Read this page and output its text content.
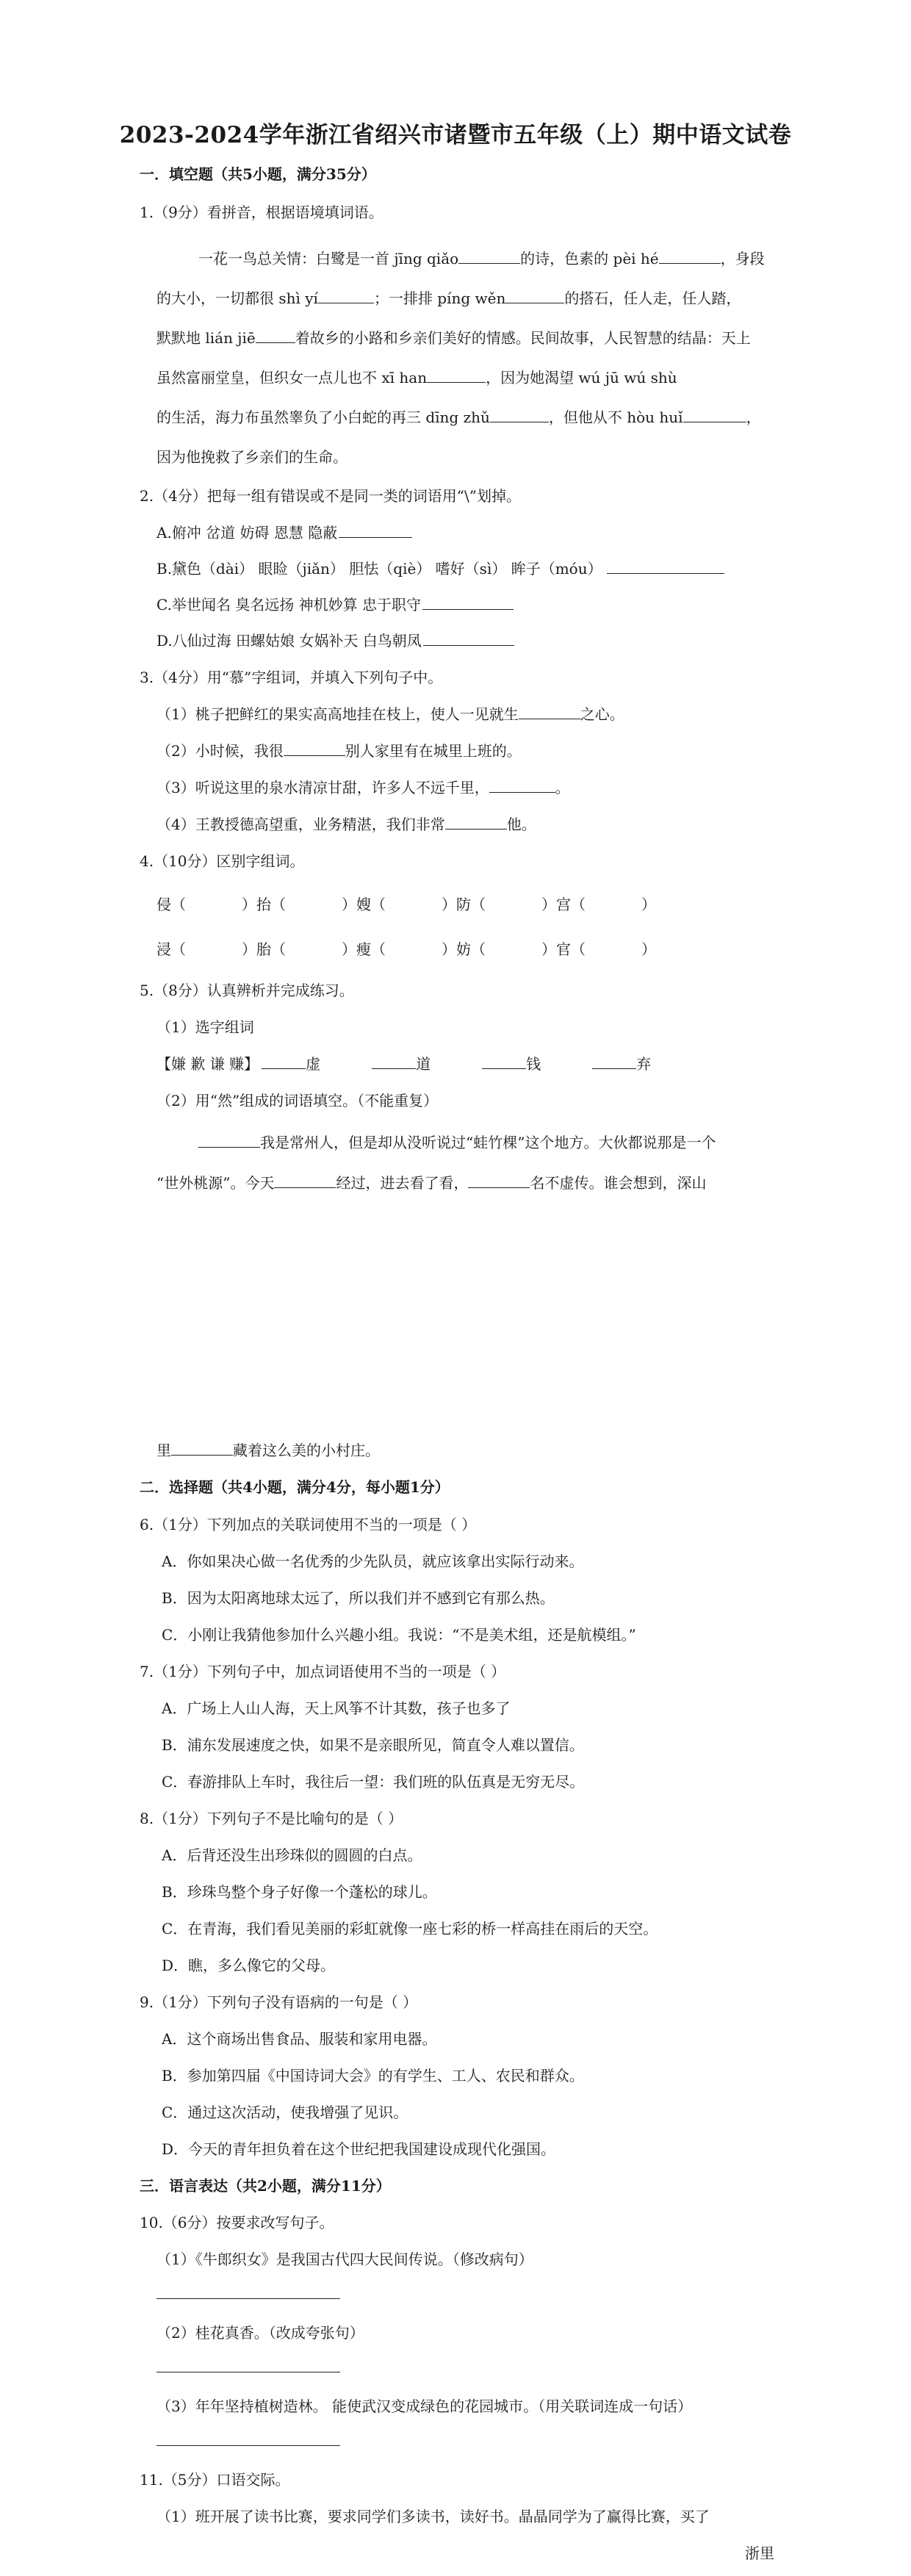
2023-2024学年浙江省绍兴市诸暨市五年级（上）期中语文试卷
一．填空题（共5小题，满分35分）
1.（9分）看拼音，根据语境填词语。
一花一鸟总关情：白鹭是一首 jīng qiǎo	的诗，色素的 pèi hé	，身段
的大小，一切都很 shì yí	；一排排 píng wěn	的搭石，任人走，任人踏，
默默地 lián jiē	着故乡的小路和乡亲们美好的情感。民间故事，人民智慧的结晶：天上
虽然富丽堂皇，但织女一点儿也不 xī han	，因为她渴望 wú jū wú shù
的生活，海力布虽然睾负了小白蛇的再三 dīng zhǔ	，但他从不 hòu huǐ	，
因为他挽救了乡亲们的生命。
2.（4分）把每一组有错误或不是同一类的词语用“\”划掉。
A.俯冲 岔道 妨碍 恩慧 隐蔽
B.黛色（dài） 眼睑（jiǎn） 胆怯（qiè） 嗜好（sì） 眸子（móu）
C.举世闻名 臭名远扬 神机妙算 忠于职守
D.八仙过海 田螺姑娘 女娲补天 白鸟朝凤
3.（4分）用“慕”字组词，并填入下列句子中。
（1）桃子把鲜红的果实高高地挂在枝上，使人一见就生	之心。
（2）小时候，我很	别人家里有在城里上班的。
（3）听说这里的泉水清凉甘甜，许多人不远千里，	。
（4）王教授德高望重，业务精湛，我们非常	他。
4.（10分）区别字组词。
侵（	）抬（	）嫂（	）防（	）宫（	）
浸（	）胎（	）瘦（	）妨（	）官（	）
5.（8分）认真辨析并完成练习。
（1）选字组词
【嫌 歉 谦 赚】	虚	道	钱	弃
（2）用“然”组成的词语填空。（不能重复）
我是常州人，但是却从没听说过“蛙竹棵”这个地方。大伙都说那是一个
“世外桃源”。今天	经过，进去看了看，	名不虚传。谁会想到，深山
里	藏着这么美的小村庄。
二．选择题（共4小题，满分4分，每小题1分）
6.（1分）下列加点的关联词使用不当的一项是（ ）
A．你如果决心做一名优秀的少先队员，就应该拿出实际行动来。
B．因为太阳离地球太远了，所以我们并不感到它有那么热。
C．小刚让我猜他参加什么兴趣小组。我说：“不是美术组，还是航模组。”
7.（1分）下列句子中，加点词语使用不当的一项是（ ）
A．广场上人山人海，天上风筝不计其数，孩子也多了
B．浦东发展速度之快，如果不是亲眼所见，简直令人难以置信。
C．春游排队上车时，我往后一望：我们班的队伍真是无穷无尽。
8.（1分）下列句子不是比喻句的是（ ）
A．后背还没生出珍珠似的圆圆的白点。
B．珍珠鸟整个身子好像一个蓬松的球儿。
C．在青海，我们看见美丽的彩虹就像一座七彩的桥一样高挂在雨后的天空。
D．瞧，多么像它的父母。
9.（1分）下列句子没有语病的一句是（ ）
A．这个商场出售食品、服装和家用电器。
B．参加第四届《中国诗词大会》的有学生、工人、农民和群众。
C．通过这次活动，使我增强了见识。
D．今天的青年担负着在这个世纪把我国建设成现代化强国。
三．语言表达（共2小题，满分11分）
10.（6分）按要求改写句子。
（1）《牛郎织女》是我国古代四大民间传说。（修改病句）
（2）桂花真香。（改成夸张句）
（3）年年坚持植树造林。 能使武汉变成绿色的花园城市。（用关联词连成一句话）
11.（5分）口语交际。
（1）班开展了读书比赛，要求同学们多读书，读好书。晶晶同学为了赢得比赛，买了
浙里
